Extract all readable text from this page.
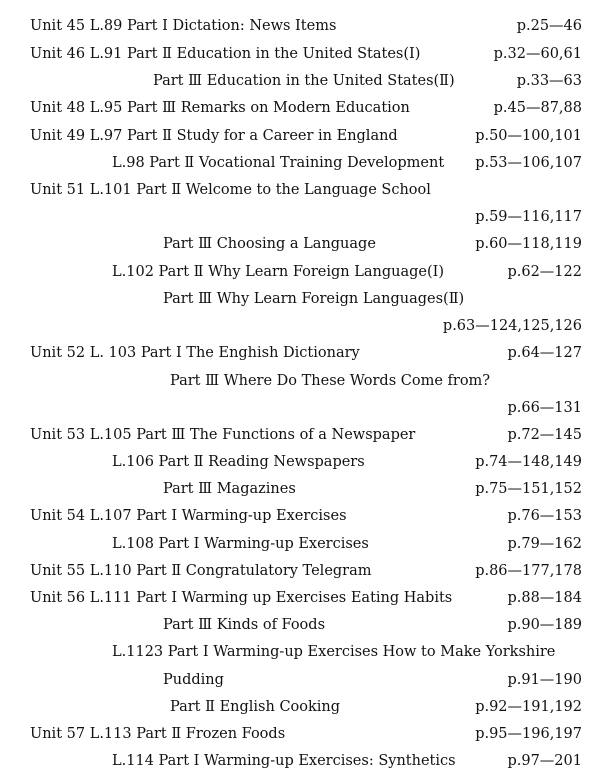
Unit 45 L.89 Part Ⅰ Dictation: News Items	p.25—46
Unit 46 L.91 Part Ⅱ Education in the United States(Ⅰ)	p.32—60,61
Part Ⅲ Education in the United States(Ⅱ)	p.33—63
Unit 48 L.95 Part Ⅲ Remarks on Modern Education	p.45—87,88
Unit 49 L.97 Part Ⅱ Study for a Career in England	p.50—100,101
L.98 Part Ⅱ Vocational Training Development p.53—106,107
Unit 51 L.101 Part Ⅱ Welcome to the Language School
p.59—116,117
Part Ⅲ Choosing a Language	p.60—118,119
L.102 Part Ⅱ Why Learn Foreign Language(Ⅰ)	p.62—122
Part Ⅲ Why Learn Foreign Languages(Ⅱ)
p.63—124,125,126
Unit 52 L. 103 Part Ⅰ The Enghish Dictionary	p.64—127
Part Ⅲ Where Do These Words Come from?
p.66—131
Unit 53 L.105 Part Ⅲ The Functions of a Newspaper	p.72—145
L.106 Part Ⅱ Reading Newspapers	p.74—148,149
Part Ⅲ Magazines	p.75—151,152
Unit 54 L.107 Part Ⅰ Warming-up Exercises	p.76—153
L.108 Part Ⅰ Warming-up Exercises	p.79—162
Unit 55 L.110 Part Ⅱ Congratulatory Telegram	p.86—177,178
Unit 56 L.111 Part Ⅰ Warming up Exercises Eating Habits	p.88—184
Part Ⅲ Kinds of Foods	p.90—189
L.1123 Part Ⅰ Warming-up Exercises How to Make Yorkshire
Pudding	p.91—190
Part Ⅱ English Cooking	p.92—191,192
Unit 57 L.113 Part Ⅱ Frozen Foods	p.95—196,197
L.114 Part Ⅰ Warming-up Exercises: Synthetics	p.97—201
